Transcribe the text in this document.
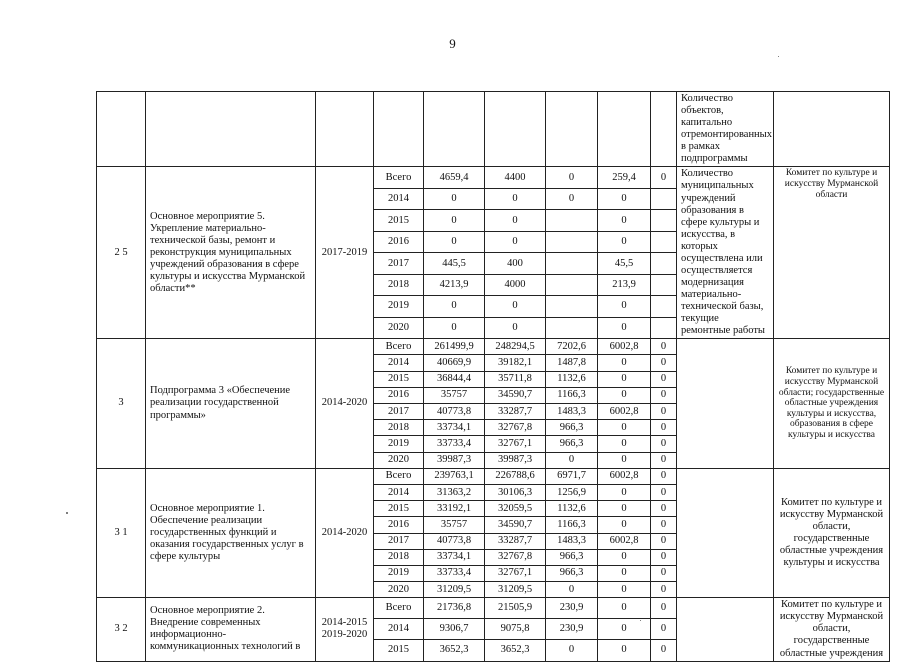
9
									Количество объектов, капитально отремонтированных в рамках подпрограммы	
2 5	Основное мероприятие 5. Укрепление материально-технической базы, ремонт и реконструкция муниципальных учреждений образования в сфере культуры и искусства Мурманской области**	2017-2019	Всего	4659,4	4400	0	259,4	0	Количество муниципальных учреждений образования в сфере культуры и искусства, в которых осуществлена или осуществляется модернизация материально-технической базы, текущие ремонтные работы	Комитет по культуре и искусству Мурманской области
			2014	0	0	0	0			
			2015	0	0		0			
			2016	0	0		0			
			2017	445,5	400		45,5			
			2018	4213,9	4000		213,9			
			2019	0	0		0			
			2020	0	0		0			
3	Подпрограмма 3 «Обеспечение реализации государственной программы»	2014-2020	Всего	261499,9	248294,5	7202,6	6002,8	0		Комитет по культуре и искусству Мурманской области; государственные областные учреждения культуры и искусства, образования в сфере культуры и искусства
			2014	40669,9	39182,1	1487,8	0	0		
			2015	36844,4	35711,8	1132,6	0	0		
			2016	35757	34590,7	1166,3	0	0		
			2017	40773,8	33287,7	1483,3	6002,8	0		
			2018	33734,1	32767,8	966,3	0	0		
			2019	33733,4	32767,1	966,3	0	0		
			2020	39987,3	39987,3	0	0	0		
3 1	Основное мероприятие 1. Обеспечение реализации государственных функций и оказания государственных услуг в сфере культуры	2014-2020	Всего	239763,1	226788,6	6971,7	6002,8	0		Комитет по культуре и искусству Мурманской области, государственные областные учреждения культуры и искусства
			2014	31363,2	30106,3	1256,9	0	0		
			2015	33192,1	32059,5	1132,6	0	0		
			2016	35757	34590,7	1166,3	0	0		
			2017	40773,8	33287,7	1483,3	6002,8	0		
			2018	33734,1	32767,8	966,3	0	0		
			2019	33733,4	32767,1	966,3	0	0		
			2020	31209,5	31209,5	0	0	0		
3 2	Основное мероприятие 2. Внедрение современных информационно-коммуникационных технологий в	2014-2015 2019-2020	Всего	21736,8	21505,9	230,9	0	0		Комитет по культуре и искусству Мурманской области, государственные областные учреждения
			2014	9306,7	9075,8	230,9	0	0		
			2015	3652,3	3652,3	0	0	0		
